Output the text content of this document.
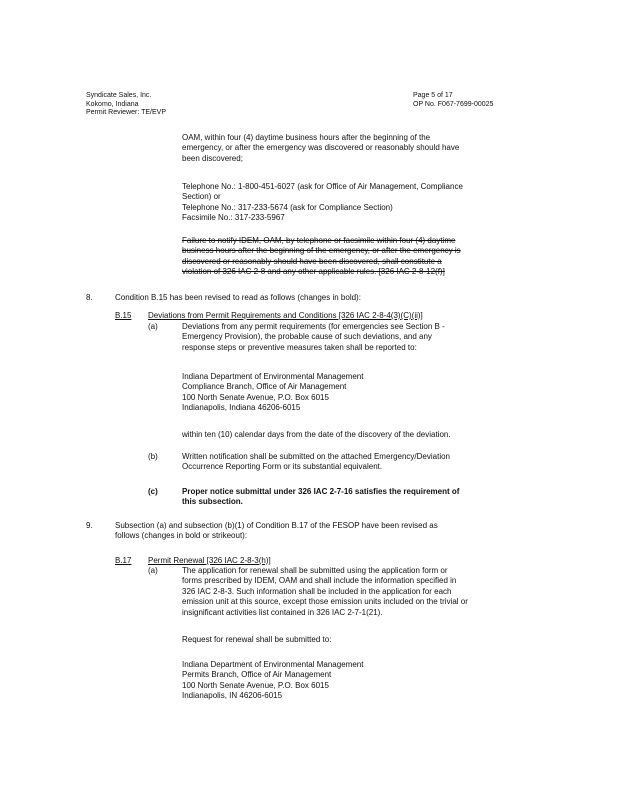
Syndicate Sales, Inc.
Kokomo, Indiana
Permit Reviewer: TE/EVP
Page 5 of 17
OP No. F067-7699-00025
OAM, within four (4) daytime business hours after the beginning of the
emergency, or after the emergency was discovered or reasonably should have
been discovered;
Telephone No.: 1-800-451-6027 (ask for Office of Air Management, Compliance
Section) or
Telephone No.: 317-233-5674 (ask for Compliance Section)
Facsimile No.: 317-233-5967
Failure to notify IDEM, OAM, by telephone or facsimile within four (4) daytime
business hours after the beginning of the emergency, or after the emergency is
discovered or reasonably should have been discovered, shall constitute a
violation of 326 IAC 2-8 and any other applicable rules. [326 IAC 2-8-12(f)]
8.	Condition B.15 has been revised to read as follows (changes in bold):
B.15 Deviations from Permit Requirements and Conditions [326 IAC 2-8-4(3)(C)(ii)]
(a)	Deviations from any permit requirements (for emergencies see Section B -
Emergency Provision), the probable cause of such deviations, and any
response steps or preventive measures taken shall be reported to:
Indiana Department of Environmental Management
Compliance Branch, Office of Air Management
100 North Senate Avenue, P.O. Box 6015
Indianapolis, Indiana 46206-6015
within ten (10) calendar days from the date of the discovery of the deviation.
(b)	Written notification shall be submitted on the attached Emergency/Deviation
Occurrence Reporting Form or its substantial equivalent.
(c)	Proper notice submittal under 326 IAC 2-7-16 satisfies the requirement of
this subsection.
9.	Subsection (a) and subsection (b)(1) of Condition B.17 of the FESOP have been revised as
follows (changes in bold or strikeout):
B.17 Permit Renewal [326 IAC 2-8-3(h)]
(a)	The application for renewal shall be submitted using the application form or
forms prescribed by IDEM, OAM and shall include the information specified in
326 IAC 2-8-3. Such information shall be included in the application for each
emission unit at this source, except those emission units included on the trivial or
insignificant activities list contained in 326 IAC 2-7-1(21).
Request for renewal shall be submitted to:
Indiana Department of Environmental Management
Permits Branch, Office of Air Management
100 North Senate Avenue, P.O. Box 6015
Indianapolis, IN 46206-6015
